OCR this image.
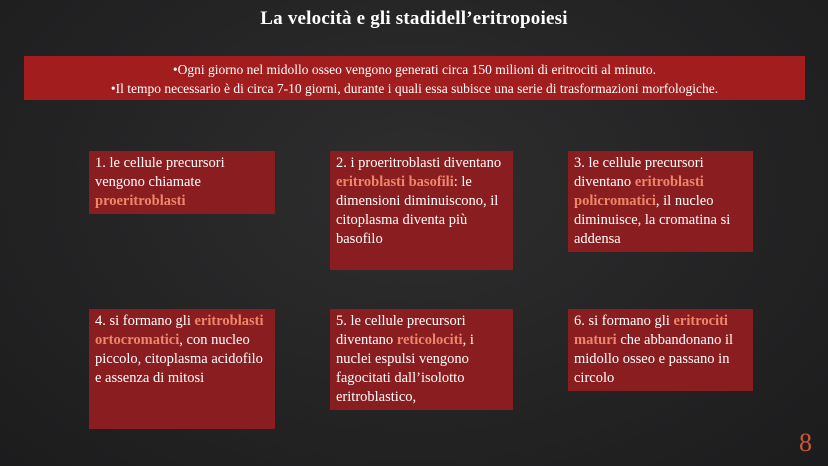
La velocità e gli stadidell’eritropoiesi
•Ogni giorno nel midollo osseo vengono generati circa 150 milioni di eritrociti al minuto.
•Il tempo necessario è di circa 7-10 giorni, durante i quali essa subisce una serie di trasformazioni morfologiche.
1. le cellule precursori vengono chiamate proeritroblasti
2. i proeritroblasti diventano eritroblasti basofili: le dimensioni diminuiscono, il citoplasma diventa più basofilo
3. le cellule precursori diventano eritroblasti policromatici, il nucleo diminuisce, la cromatina si addensa
4. si formano gli eritroblasti ortocromatici, con nucleo piccolo, citoplasma acidofilo e assenza di mitosi
5. le cellule precursori diventano reticolociti, i nuclei espulsi vengono fagocitati dall’isolotto eritroblastico,
6. si formano gli eritrociti maturi che abbandonano il midollo osseo e passano in circolo
8
